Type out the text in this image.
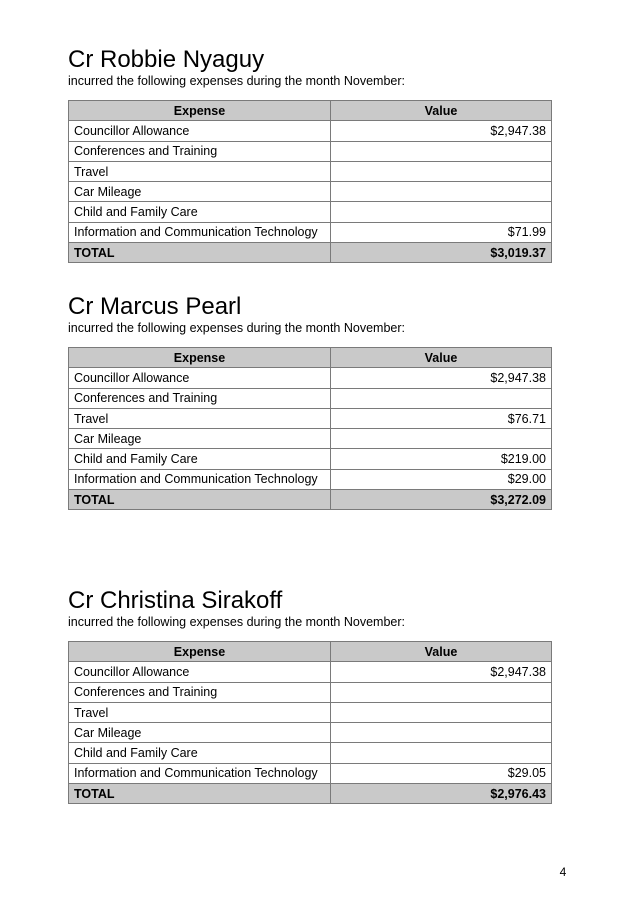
Cr Robbie Nyaguy

incurred the following expenses during the month November:

Expense	Value
Councillor Allowance	$2,947.38
Conferences and Training	
Travel	
Car Mileage	
Child and Family Care	
Information and Communication Technology	$71.99
TOTAL	$3,019.37
Cr Marcus Pearl

incurred the following expenses during the month November:

Expense	Value
Councillor Allowance	$2,947.38
Conferences and Training	
Travel	$76.71
Car Mileage	
Child and Family Care	$219.00
Information and Communication Technology	$29.00
TOTAL	$3,272.09
Cr Christina Sirakoff

incurred the following expenses during the month November:

Expense	Value
Councillor Allowance	$2,947.38
Conferences and Training	
Travel	
Car Mileage	
Child and Family Care	
Information and Communication Technology	$29.05
TOTAL	$2,976.43
4
